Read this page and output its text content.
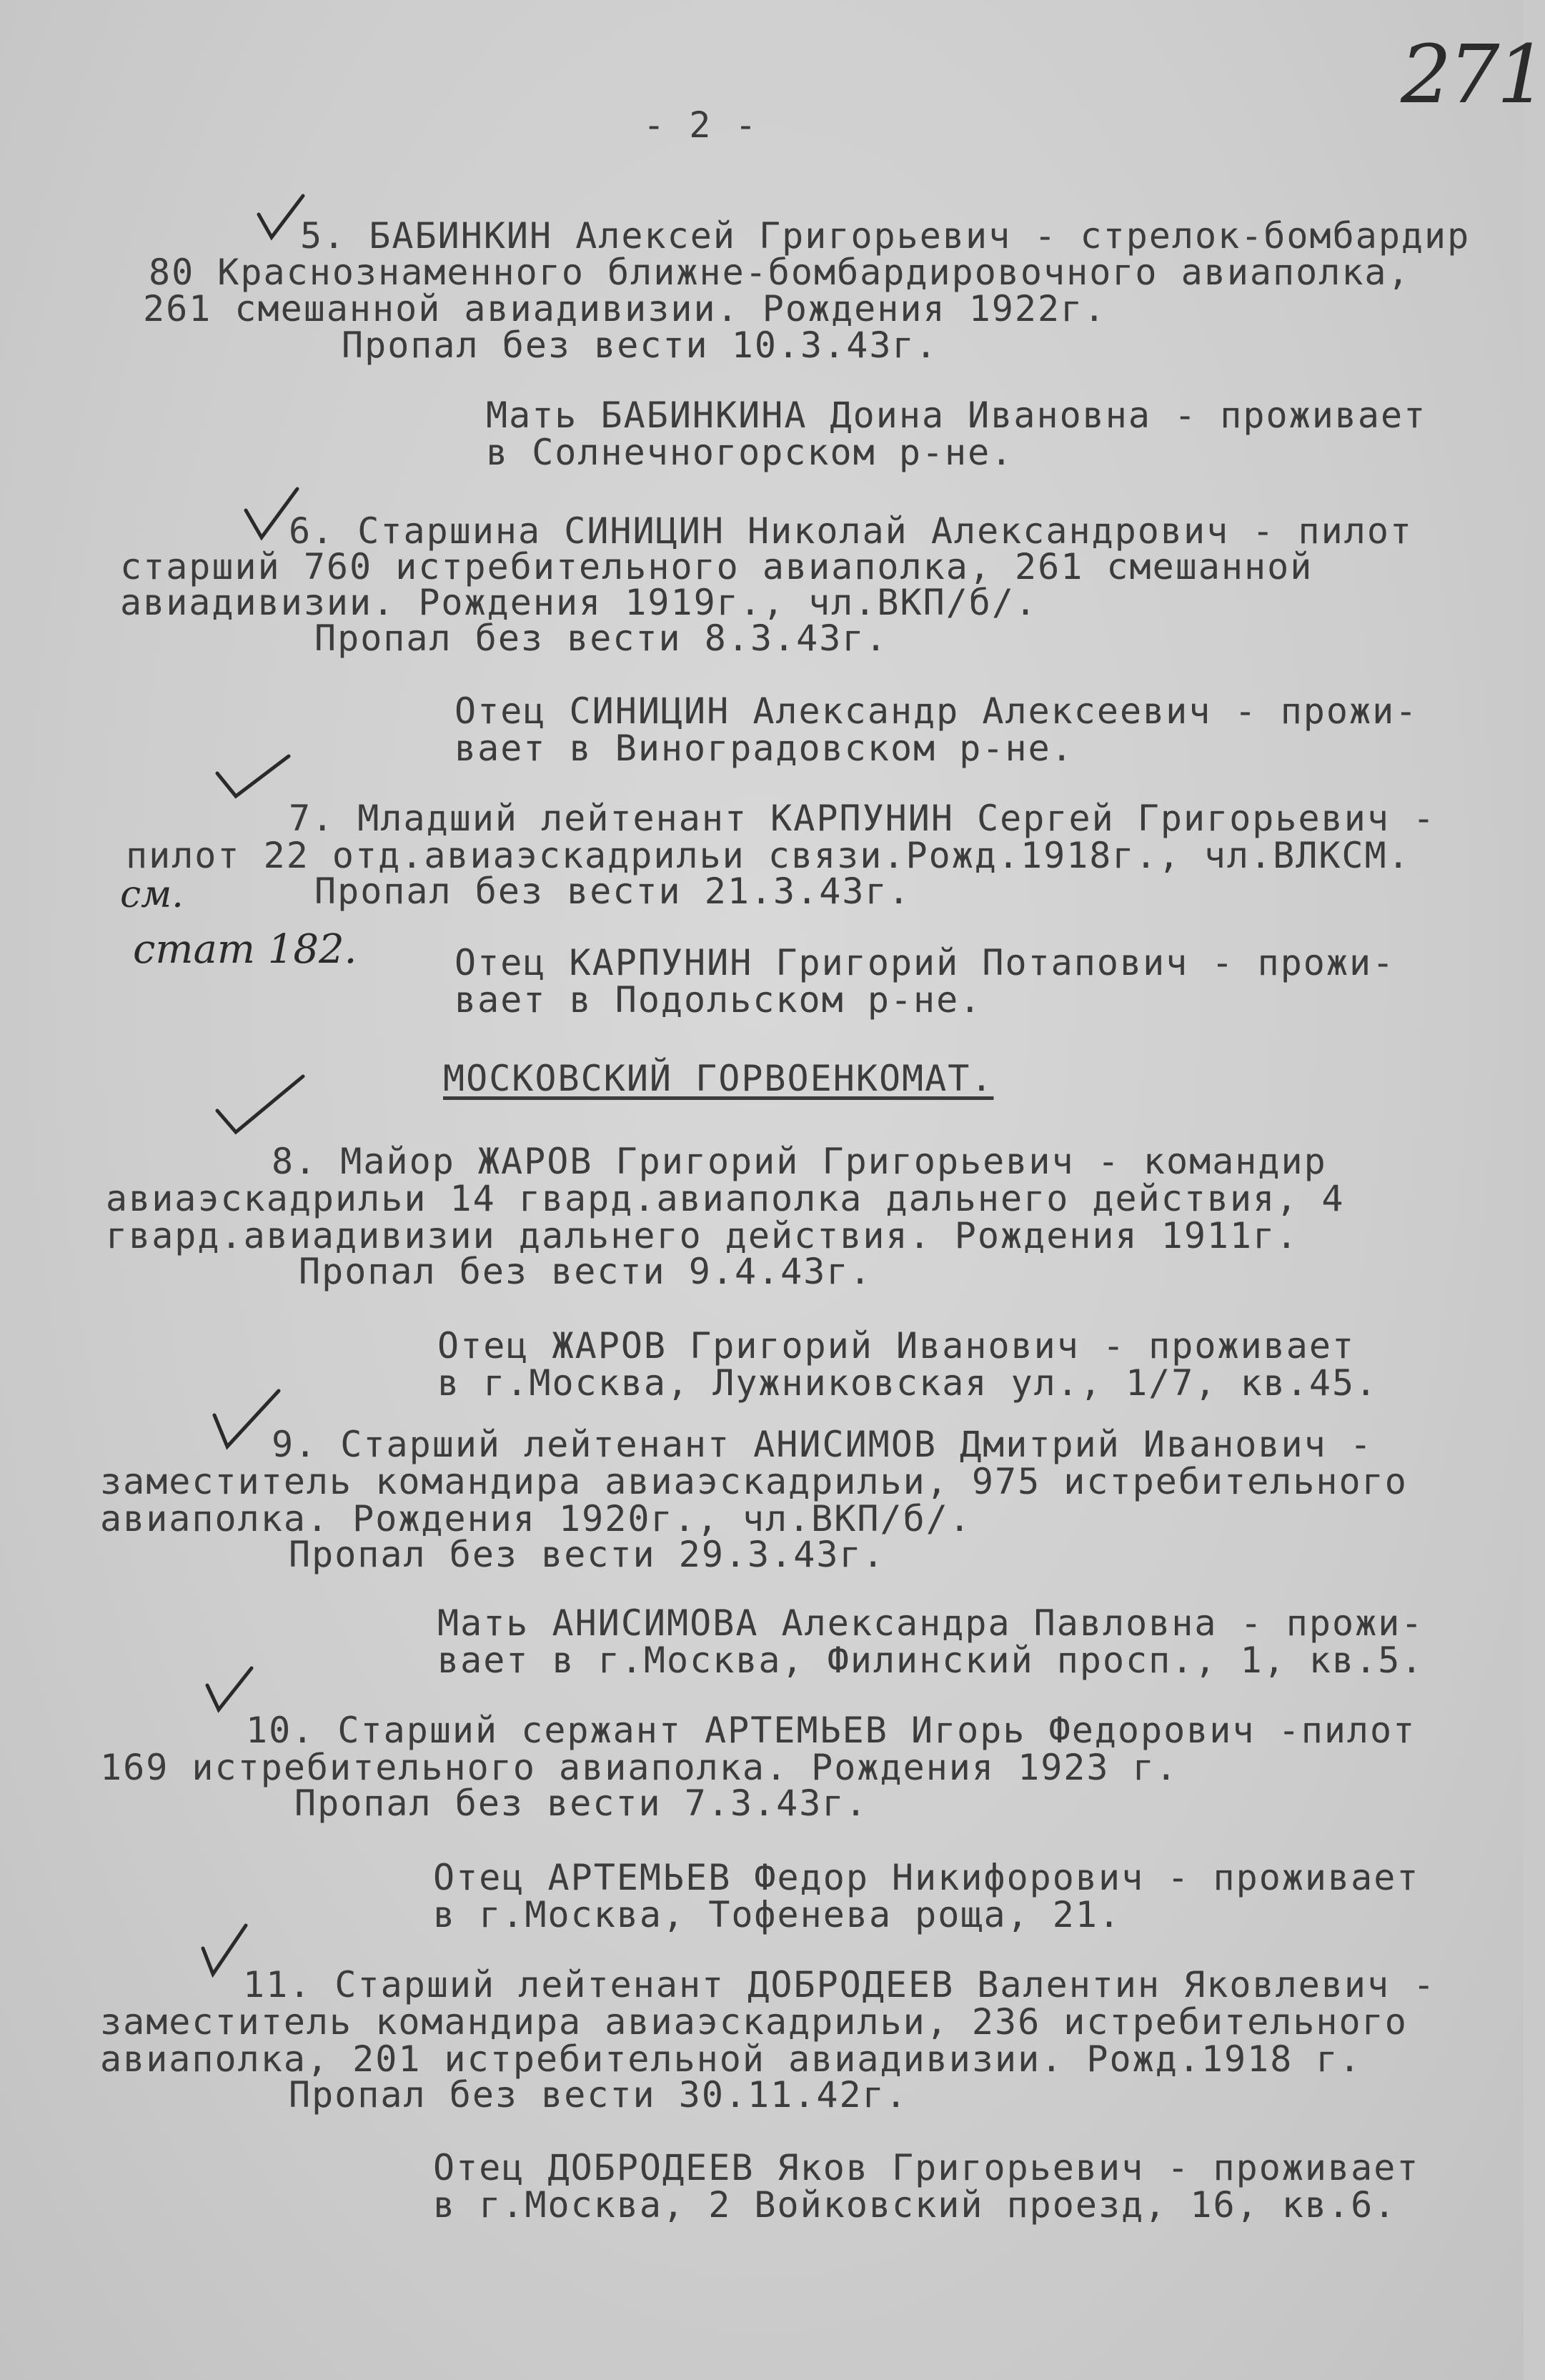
271
- 2 -
5. БАБИНКИН Алексей Григорьевич - стрелок-бомбардир
80 Краснознаменного ближне-бомбардировочного авиаполка,
261 смешанной авиадивизии. Рождения 1922г.
Пропал без вести 10.3.43г.
Мать БАБИНКИНА Доина Ивановна - проживает
в Солнечногорском р-не.
6. Старшина СИНИЦИН Николай Александрович - пилот
старший 760 истребительного авиаполка, 261 смешанной
авиадивизии. Рождения 1919г., чл.ВКП/б/.
Пропал без вести 8.3.43г.
Отец СИНИЦИН Александр Алексеевич - прожи-
вает в Виноградовском р-не.
7. Младший лейтенант КАРПУНИН Сергей Григорьевич -
пилот 22 отд.авиаэскадрильи связи.Рожд.1918г., чл.ВЛКСМ.
Пропал без вести 21.3.43г.
см.
стат 182.	Отец КАРПУНИН Григорий Потапович - прожи-
вает в Подольском р-не.
МОСКОВСКИЙ ГОРВОЕНКОМАТ.
8. Майор ЖАРОВ Григорий Григорьевич - командир
авиаэскадрильи 14 гвард.авиаполка дальнего действия, 4
гвард.авиадивизии дальнего действия. Рождения 1911г.
Пропал без вести 9.4.43г.
Отец ЖАРОВ Григорий Иванович - проживает
в г.Москва, Лужниковская ул., 1/7, кв.45.
9. Старший лейтенант АНИСИМОВ Дмитрий Иванович -
заместитель командира авиаэскадрильи, 975 истребительного
авиаполка. Рождения 1920г., чл.ВКП/б/.
Пропал без вести 29.3.43г.
Мать АНИСИМОВА Александра Павловна - прожи-
вает в г.Москва, Филинский просп., 1, кв.5.
10. Старший сержант АРТЕМЬЕВ Игорь Федорович -пилот
169 истребительного авиаполка. Рождения 1923 г.
Пропал без вести 7.3.43г.
Отец АРТЕМЬЕВ Федор Никифорович - проживает
в г.Москва, Тофенева роща, 21.
11. Старший лейтенант ДОБРОДЕЕВ Валентин Яковлевич -
заместитель командира авиаэскадрильи, 236 истребительного
авиаполка, 201 истребительной авиадивизии. Рожд.1918 г.
Пропал без вести 30.11.42г.
Отец ДОБРОДЕЕВ Яков Григорьевич - проживает
в г.Москва, 2 Войковский проезд, 16, кв.6.
